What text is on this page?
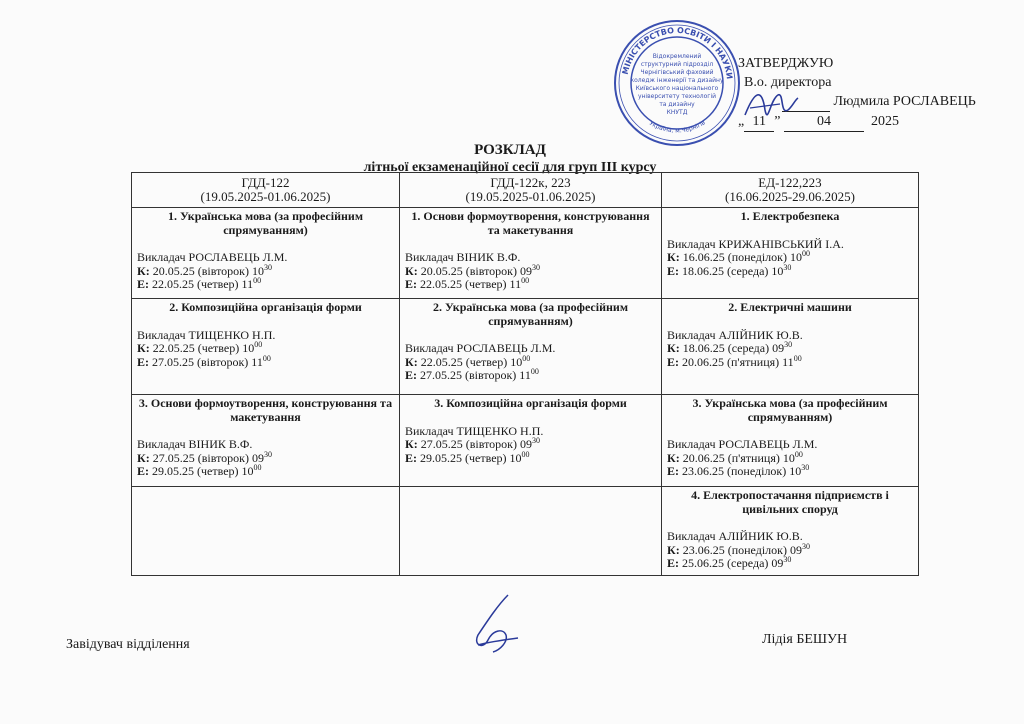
Відокремлений
структурний підрозділ
Чернігівський фаховий
коледж інженерії та дизайну
Київського національного
університету технологій
та дизайну
КНУТД
МІНІСТЕРСТВО ОСВІТИ І НАУКИ
Україна, м.Чернігів
ЗАТВЕРДЖУЮ
В.о. директора
Людмила РОСЛАВЕЦЬ
„ 11 ” 04	2025
РОЗКЛАД
літньої екзаменаційної сесії для груп ІІІ курсу
ГДД-122
(19.05.2025-01.06.2025)	ГДД-122к, 223
(19.05.2025-01.06.2025)	ЕД-122,223
(16.06.2025-29.06.2025)

1. Українська мова (за професійним спрямуванням)
Викладач РОСЛАВЕЦЬ Л.М.
К: 20.05.25 (вівторок) $10^{30}$
Е: 22.05.25 (четвер) $11^{00}$	1. Основи формоутворення, конструювання та макетування
Викладач ВІНИК В.Ф.
К: 20.05.25 (вівторок) $09^{30}$
Е: 22.05.25 (четвер) $11^{00}$	1. Електробезпека
Викладач КРИЖАНІВСЬКИЙ І.А.
К: 16.06.25 (понеділок) $10^{00}$
Е: 18.06.25 (середа) $10^{30}$

2. Композиційна організація форми
Викладач ТИЩЕНКО Н.П.
К: 22.05.25 (четвер) $10^{00}$
Е: 27.05.25 (вівторок) $11^{00}$	2. Українська мова (за професійним спрямуванням)
Викладач РОСЛАВЕЦЬ Л.М.
К: 22.05.25 (четвер) $10^{00}$
Е: 27.05.25 (вівторок) $11^{00}$	2. Електричні машини
Викладач АЛІЙНИК Ю.В.
К: 18.06.25 (середа) $09^{30}$
Е: 20.06.25 (п'ятниця) $11^{00}$

3. Основи формоутворення, конструювання та макетування
Викладач ВІНИК В.Ф.
К: 27.05.25 (вівторок) $09^{30}$
Е: 29.05.25 (четвер) $10^{00}$	3. Композиційна організація форми
Викладач ТИЩЕНКО Н.П.
К: 27.05.25 (вівторок) $09^{30}$
Е: 29.05.25 (четвер) $10^{00}$	3. Українська мова (за професійним спрямуванням)
Викладач РОСЛАВЕЦЬ Л.М.
К: 20.06.25 (п'ятниця) $10^{00}$
Е: 23.06.25 (понеділок) $10^{30}$

		4. Електропостачання підприємств і цивільних споруд
Викладач АЛІЙНИК Ю.В.
К: 23.06.25 (понеділок) $09^{30}$
Е: 25.06.25 (середа) $09^{30}$
Завідувач відділення	Лідія БЕШУН
